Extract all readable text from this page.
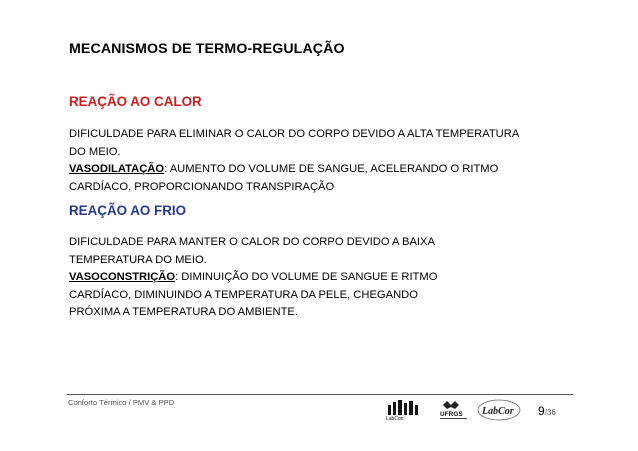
MECANISMOS DE TERMO-REGULAÇÃO
REAÇÃO AO CALOR
DIFICULDADE PARA ELIMINAR O CALOR DO CORPO DEVIDO A ALTA TEMPERATURA
DO MEIO.
VASODILATAÇÃO: AUMENTO DO VOLUME DE SANGUE, ACELERANDO O RITMO
CARDÍACO, PROPORCIONANDO TRANSPIRAÇÃO
REAÇÃO AO FRIO
DIFICULDADE PARA MANTER O CALOR DO CORPO DEVIDO A BAIXA
TEMPERATURA DO MEIO.
VASOCONSTRIÇÃO: DIMINUIÇÃO DO VOLUME DE SANGUE E RITMO
CARDÍACO, DIMINUINDO A TEMPERATURA DA PELE, CHEGANDO
PRÓXIMA A TEMPERATURA DO AMBIENTE.
Conforto Térmico / PMV & PPD
LabCon
UFRGS LabCor 9/36
